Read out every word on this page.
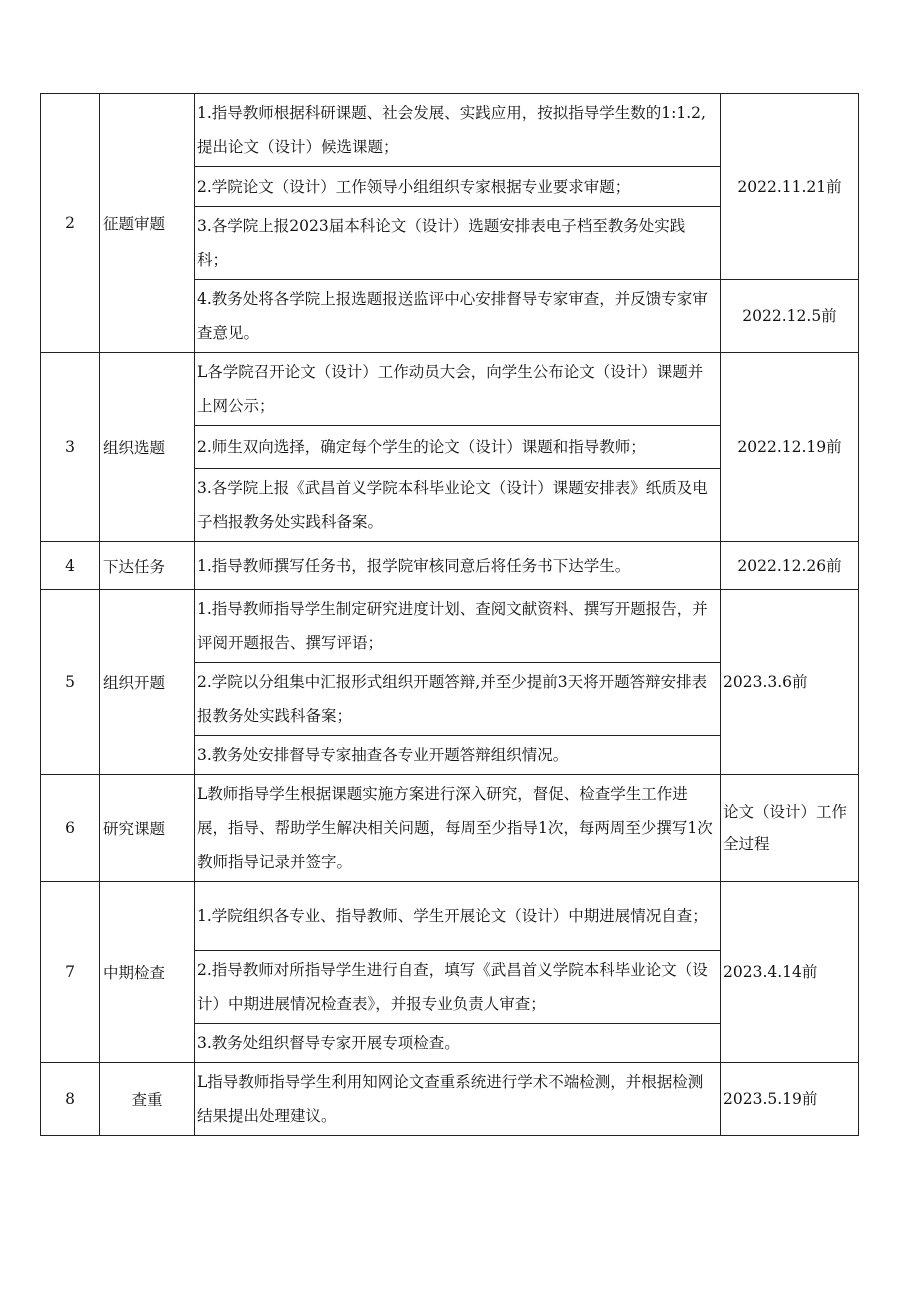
2	征题审题	1.指导教师根据科研课题、社会发展、实践应用，按拟指导学生数的1:1.2,提出论文（设计）候选课题；	2022.11.21前
		2.学院论文（设计）工作领导小组组织专家根据专业要求审题；	
		3.各学院上报2023届本科论文（设计）选题安排表电子档至教务处实践科；	
		4.教务处将各学院上报选题报送监评中心安排督导专家审查，并反馈专家审查意见。	2022.12.5前
3	组织选题	L各学院召开论文（设计）工作动员大会，向学生公布论文（设计）课题并上网公示；	2022.12.19前
		2.师生双向选择，确定每个学生的论文（设计）课题和指导教师；	
		3.各学院上报《武昌首义学院本科毕业论文（设计）课题安排表》纸质及电子档报教务处实践科备案。	
4	下达任务	1.指导教师撰写任务书，报学院审核同意后将任务书下达学生。	2022.12.26前
5	组织开题	1.指导教师指导学生制定研究进度计划、查阅文献资料、撰写开题报告，并评阅开题报告、撰写评语；	2023.3.6前
		2.学院以分组集中汇报形式组织开题答辩,并至少提前3天将开题答辩安排表报教务处实践科备案；	
		3.教务处安排督导专家抽查各专业开题答辩组织情况。	
6	研究课题	L教师指导学生根据课题实施方案进行深入研究，督促、检查学生工作进展，指导、帮助学生解决相关问题，每周至少指导1次，每两周至少撰写1次教师指导记录并签字。	论文（设计）工作全过程
7	中期检查	1.学院组织各专业、指导教师、学生开展论文（设计）中期进展情况自查；	2023.4.14前
		2.指导教师对所指导学生进行自查，填写《武昌首义学院本科毕业论文（设计）中期进展情况检查表》，并报专业负责人审查；	
		3.教务处组织督导专家开展专项检查。	
8	查重	L指导教师指导学生利用知网论文查重系统进行学术不端检测，并根据检测结果提出处理建议。	2023.5.19前
